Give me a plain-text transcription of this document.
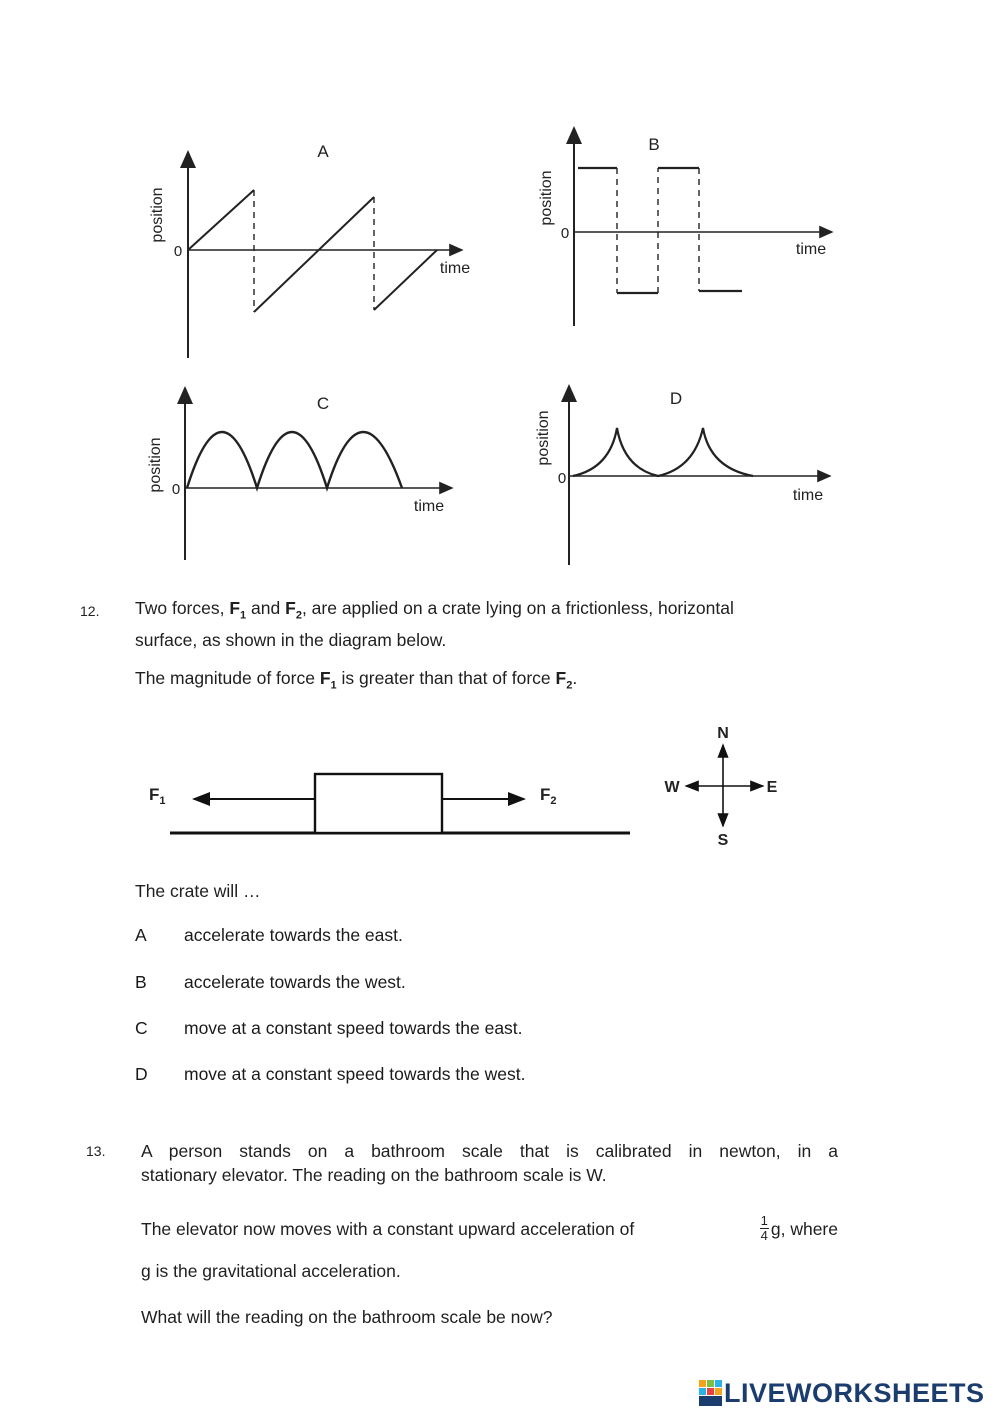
A
position
0
time
B
position
0
time
C
position 0
time
D
position
0
time
12. Two forces, $F_1$ and $F_2$, are applied on a crate lying on a frictionless, horizontal
surface, as shown in the diagram below.
The magnitude of force $F_1$ is greater than that of force $F_2$.
$F_1$	$F_2$
N
S
E
W
The crate will …
A accelerate towards the east.
B accelerate towards the west.
C move at a constant speed towards the east.
D move at a constant speed towards the west.
13. A person stands on a bathroom scale that is calibrated in newton, in a
stationary elevator. The reading on the bathroom scale is W.
The elevator now moves with a constant upward acceleration of	$\frac{1}{4} g$, where
g is the gravitational acceleration.
What will the reading on the bathroom scale be now?
LIVEWORKSHEETS
